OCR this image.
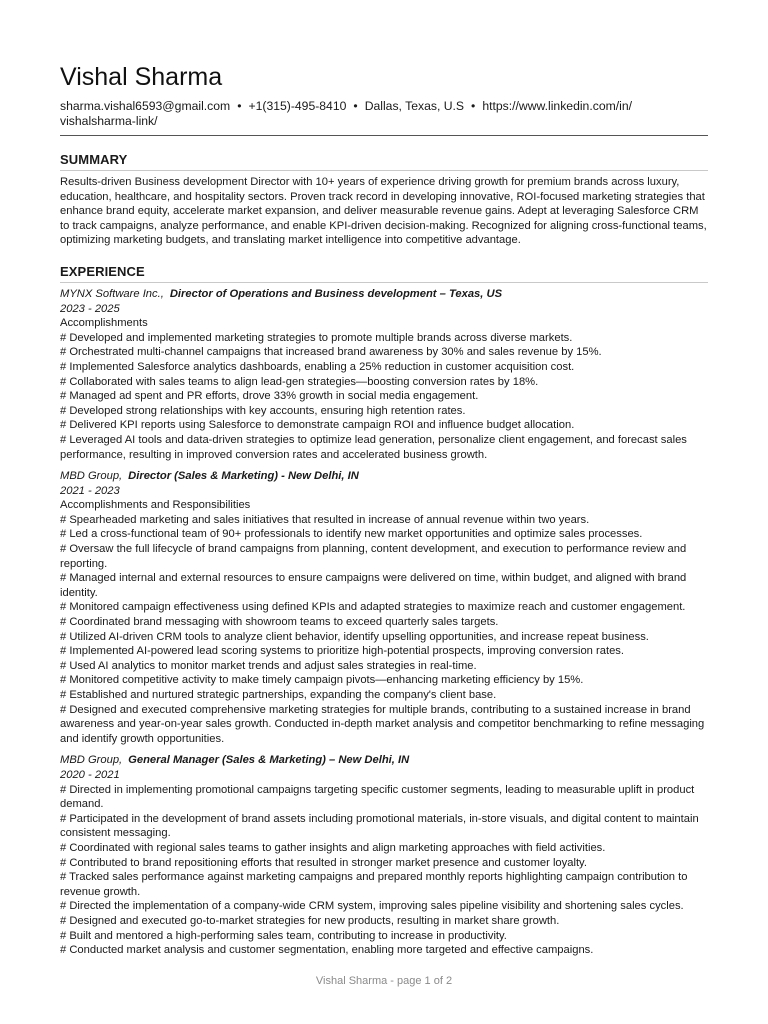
Vishal Sharma
sharma.vishal6593@gmail.com • +1(315)-495-8410 • Dallas, Texas, U.S • https://www.linkedin.com/in/ vishalsharma-link/
SUMMARY

Results-driven Business development Director with 10+ years of experience driving growth for premium brands across luxury, education, healthcare, and hospitality sectors. Proven track record in developing innovative, ROI-focused marketing strategies that enhance brand equity, accelerate market expansion, and deliver measurable revenue gains. Adept at leveraging Salesforce CRM to track campaigns, analyze performance, and enable KPI-driven decision-making. Recognized for aligning cross-functional teams, optimizing marketing budgets, and translating market intelligence into competitive advantage.

EXPERIENCE
MYNX Software Inc., Director of Operations and Business development – Texas, US
2023 - 2025
Accomplishments
# Developed and implemented marketing strategies to promote multiple brands across diverse markets.
# Orchestrated multi-channel campaigns that increased brand awareness by 30% and sales revenue by 15%.
# Implemented Salesforce analytics dashboards, enabling a 25% reduction in customer acquisition cost.
# Collaborated with sales teams to align lead-gen strategies—boosting conversion rates by 18%.
# Managed ad spent and PR efforts, drove 33% growth in social media engagement.
# Developed strong relationships with key accounts, ensuring high retention rates.
# Delivered KPI reports using Salesforce to demonstrate campaign ROI and influence budget allocation.
# Leveraged AI tools and data-driven strategies to optimize lead generation, personalize client engagement, and forecast sales performance, resulting in improved conversion rates and accelerated business growth.
MBD Group, Director (Sales & Marketing) - New Delhi, IN
2021 - 2023
Accomplishments and Responsibilities
# Spearheaded marketing and sales initiatives that resulted in increase of annual revenue within two years.
# Led a cross-functional team of 90+ professionals to identify new market opportunities and optimize sales processes.
# Oversaw the full lifecycle of brand campaigns from planning, content development, and execution to performance review and reporting.
# Managed internal and external resources to ensure campaigns were delivered on time, within budget, and aligned with brand identity.
# Monitored campaign effectiveness using defined KPIs and adapted strategies to maximize reach and customer engagement.
# Coordinated brand messaging with showroom teams to exceed quarterly sales targets.
# Utilized AI-driven CRM tools to analyze client behavior, identify upselling opportunities, and increase repeat business.
# Implemented AI-powered lead scoring systems to prioritize high-potential prospects, improving conversion rates.
# Used AI analytics to monitor market trends and adjust sales strategies in real-time.
# Monitored competitive activity to make timely campaign pivots—enhancing marketing efficiency by 15%.
# Established and nurtured strategic partnerships, expanding the company's client base.
# Designed and executed comprehensive marketing strategies for multiple brands, contributing to a sustained increase in brand awareness and year-on-year sales growth. Conducted in-depth market analysis and competitor benchmarking to refine messaging and identify growth opportunities.
MBD Group, General Manager (Sales & Marketing) – New Delhi, IN
2020 - 2021
# Directed in implementing promotional campaigns targeting specific customer segments, leading to measurable uplift in product demand.
# Participated in the development of brand assets including promotional materials, in-store visuals, and digital content to maintain consistent messaging.
# Coordinated with regional sales teams to gather insights and align marketing approaches with field activities.
# Contributed to brand repositioning efforts that resulted in stronger market presence and customer loyalty.
# Tracked sales performance against marketing campaigns and prepared monthly reports highlighting campaign contribution to revenue growth.
# Directed the implementation of a company-wide CRM system, improving sales pipeline visibility and shortening sales cycles.
# Designed and executed go-to-market strategies for new products, resulting in market share growth.
# Built and mentored a high-performing sales team, contributing to increase in productivity.
# Conducted market analysis and customer segmentation, enabling more targeted and effective campaigns.
Vishal Sharma - page 1 of 2
